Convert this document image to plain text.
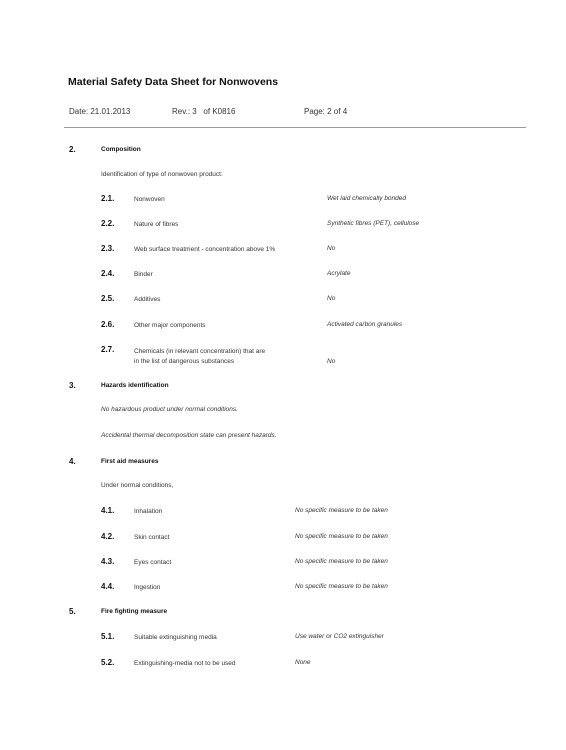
Material Safety Data Sheet for Nonwovens
Date: 21.01.2013	Rev.: 3   of K0816	Page: 2 of 4
2.	Composition
Identification of type of nonwoven product:
2.1.	Nonwoven	Wet laid chemically bonded
2.2.	Nature of fibres	Synthetic fibres (PET), cellulose
2.3.	Web surface treatment - concentration above 1%	No
2.4.	Binder	Acrylate
2.5.	Additives	No
2.6.	Other major components	Activated carbon granules
2.7.	Chemicals (in relevant concentration) that are
in the list of dangerous substances	No
3.	Hazards identification
No hazardous product under normal conditions.
Accidental thermal decomposition state can present hazards.
4.	First aid measures
Under normal conditions,
4.1.	Inhalation	No specific measure to be taken
4.2.	Skin contact	No specific measure to be taken
4.3.	Eyes contact	No specific measure to be taken
4.4.	Ingestion	No specific measure to be taken
5.	Fire fighting measure
5.1.	Suitable extinguishing media	Use water or CO2 extinguisher
5.2.	Extinguishing-media not to be used	None
